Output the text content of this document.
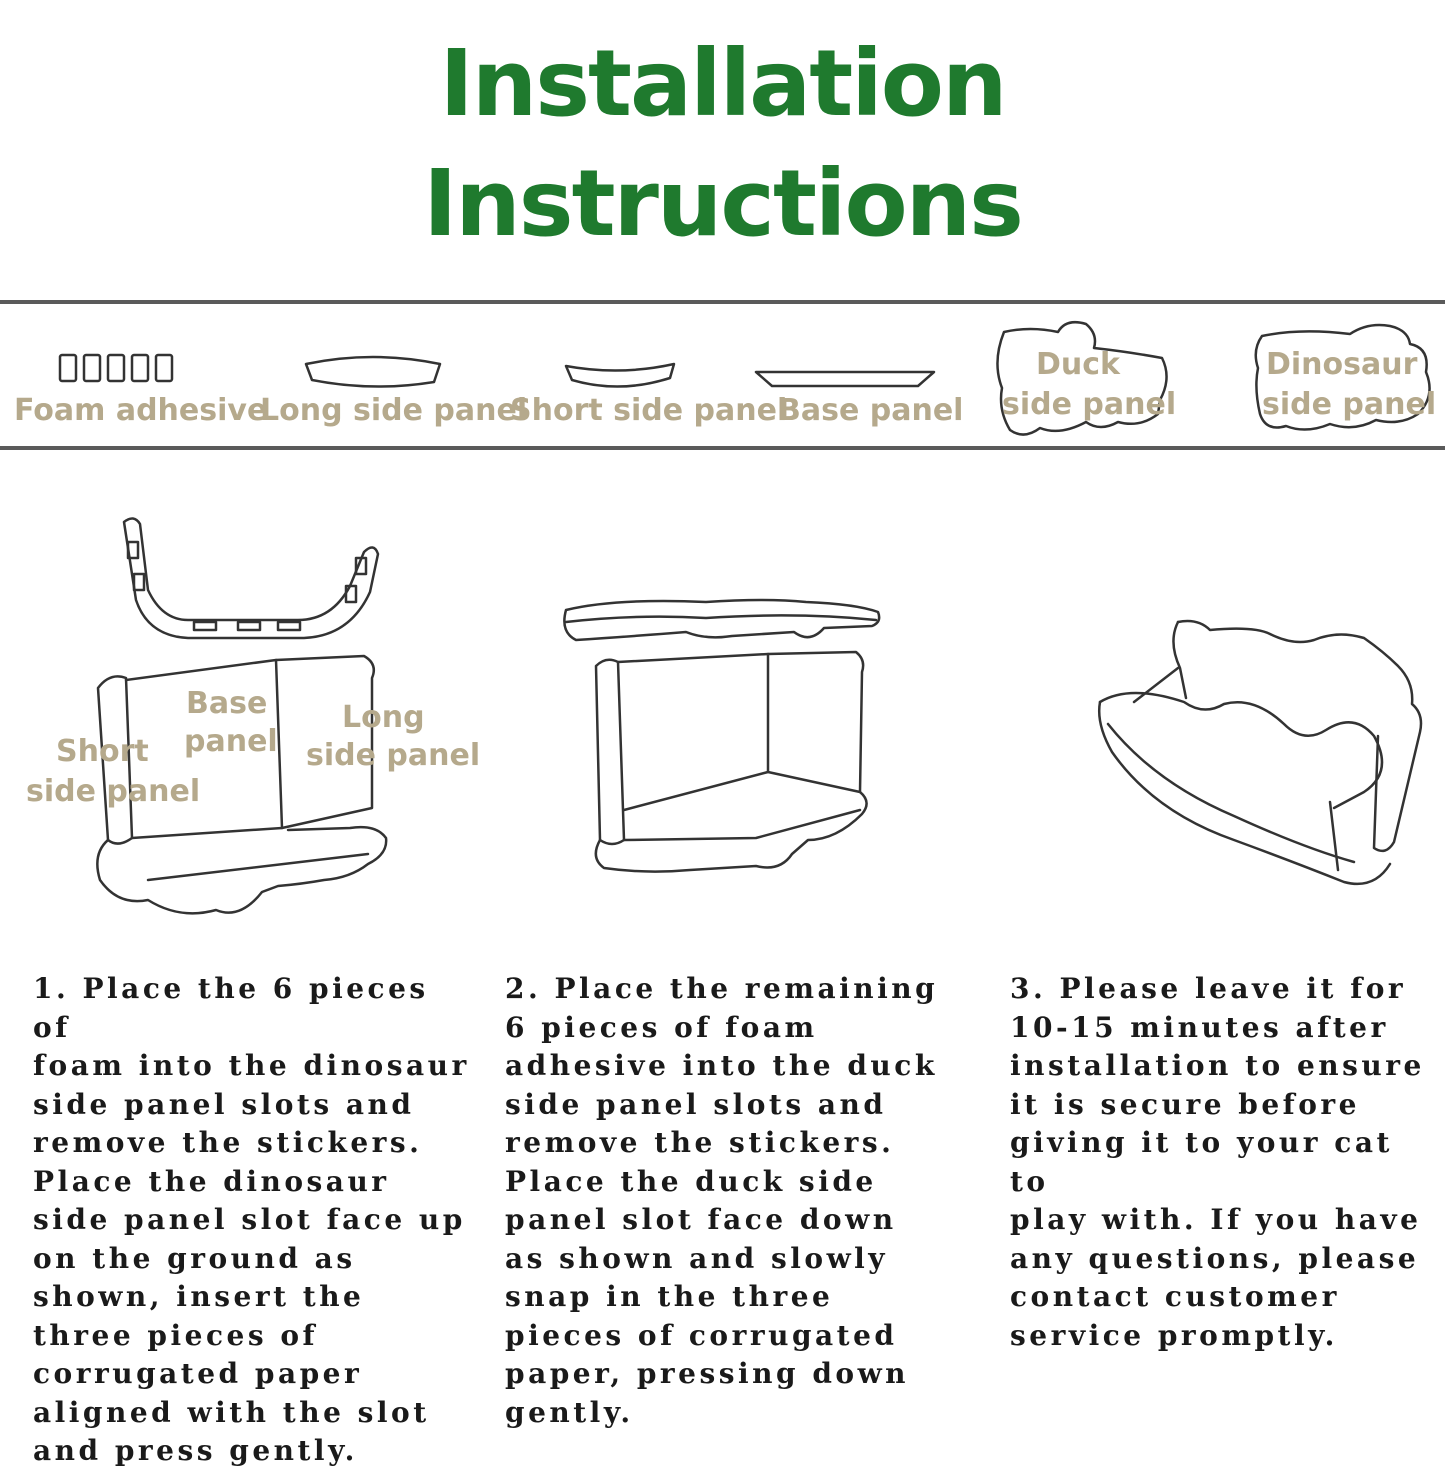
Installation
Instructions
Foam adhesive
Long side panel
Short side panel
Base panel
Duck
side panel
Dinosaur
side panel
Base
panel
Long
side panel
Short
side panel
1. Place the 6 pieces of
foam into the dinosaur
side panel slots and
remove the stickers.
Place the dinosaur
side panel slot face up
on the ground as
shown, insert the
three pieces of
corrugated paper
aligned with the slot
and press gently.
2. Place the remaining
6 pieces of foam
adhesive into the duck
side panel slots and
remove the stickers.
Place the duck side
panel slot face down
as shown and slowly
snap in the three
pieces of corrugated
paper, pressing down
gently.
3. Please leave it for
10-15 minutes after
installation to ensure
it is secure before
giving it to your cat to
play with. If you have
any questions, please
contact customer
service promptly.
